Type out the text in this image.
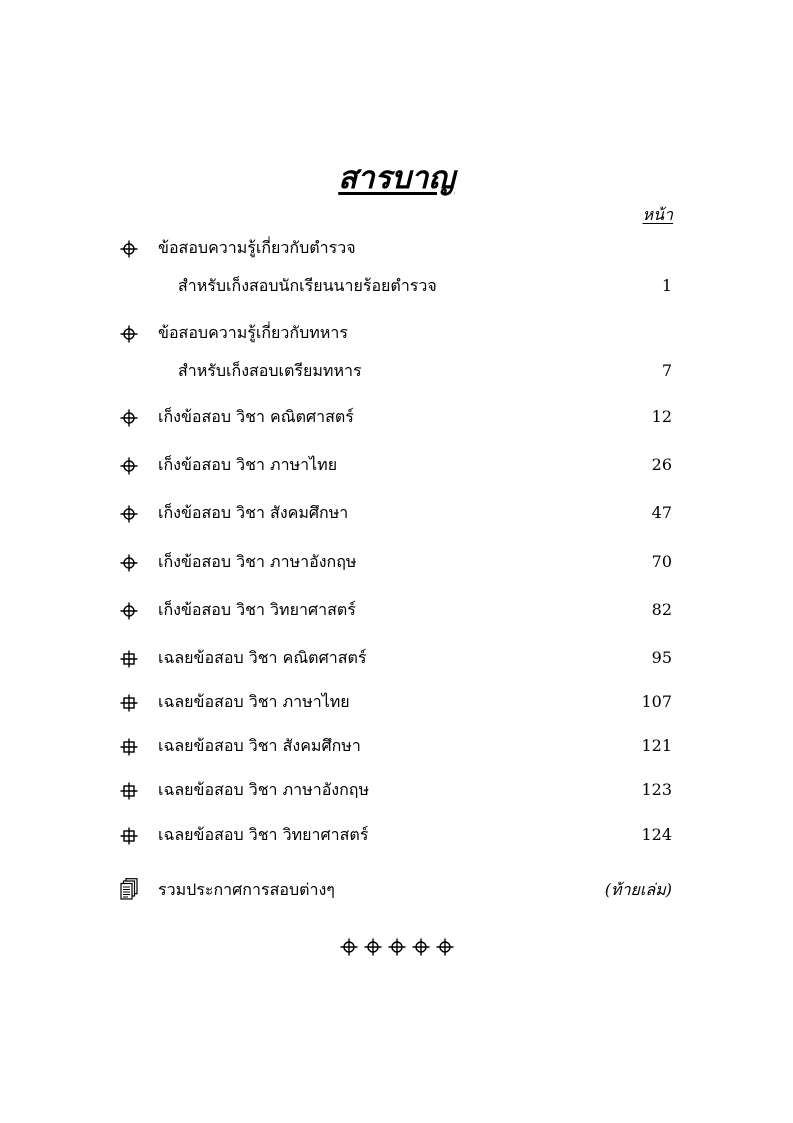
สารบาญ
หน้า
ข้อสอบความรู้เกี่ยวกับตำรวจ
สำหรับเก็งสอบนักเรียนนายร้อยตำรวจ	1
ข้อสอบความรู้เกี่ยวกับทหาร
สำหรับเก็งสอบเตรียมทหาร	7
เก็งข้อสอบ วิชา คณิตศาสตร์	12
เก็งข้อสอบ วิชา ภาษาไทย	26
เก็งข้อสอบ วิชา สังคมศึกษา	47
เก็งข้อสอบ วิชา ภาษาอังกฤษ	70
เก็งข้อสอบ วิชา วิทยาศาสตร์	82
เฉลยข้อสอบ วิชา คณิตศาสตร์	95
เฉลยข้อสอบ วิชา ภาษาไทย	107
เฉลยข้อสอบ วิชา สังคมศึกษา	121
เฉลยข้อสอบ วิชา ภาษาอังกฤษ	123
เฉลยข้อสอบ วิชา วิทยาศาสตร์	124
รวมประกาศการสอบต่างๆ	(ท้ายเล่ม)
